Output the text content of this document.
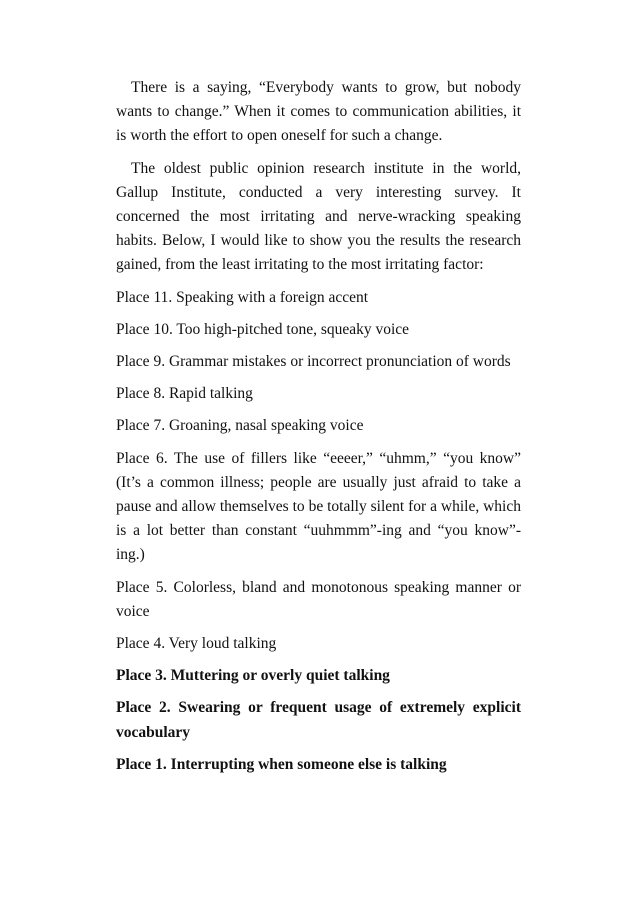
There is a saying, “Everybody wants to grow, but nobody wants to change.” When it comes to communication abilities, it is worth the effort to open oneself for such a change.

The oldest public opinion research institute in the world, Gallup Institute, conducted a very interesting survey. It concerned the most irritating and nerve-wracking speaking habits. Below, I would like to show you the results the research gained, from the least irritating to the most irritating factor:

Place 11. Speaking with a foreign accent

Place 10. Too high-pitched tone, squeaky voice

Place 9. Grammar mistakes or incorrect pronunciation of words

Place 8. Rapid talking

Place 7. Groaning, nasal speaking voice

Place 6. The use of fillers like “eeeer,” “uhmm,” “you know” (It’s a common illness; people are usually just afraid to take a pause and allow themselves to be totally silent for a while, which is a lot better than constant “uuhmmm”-ing and “you know”-ing.)

Place 5. Colorless, bland and monotonous speaking manner or voice

Place 4. Very loud talking

Place 3. Muttering or overly quiet talking

Place 2. Swearing or frequent usage of extremely explicit vocabulary

Place 1. Interrupting when someone else is talking
